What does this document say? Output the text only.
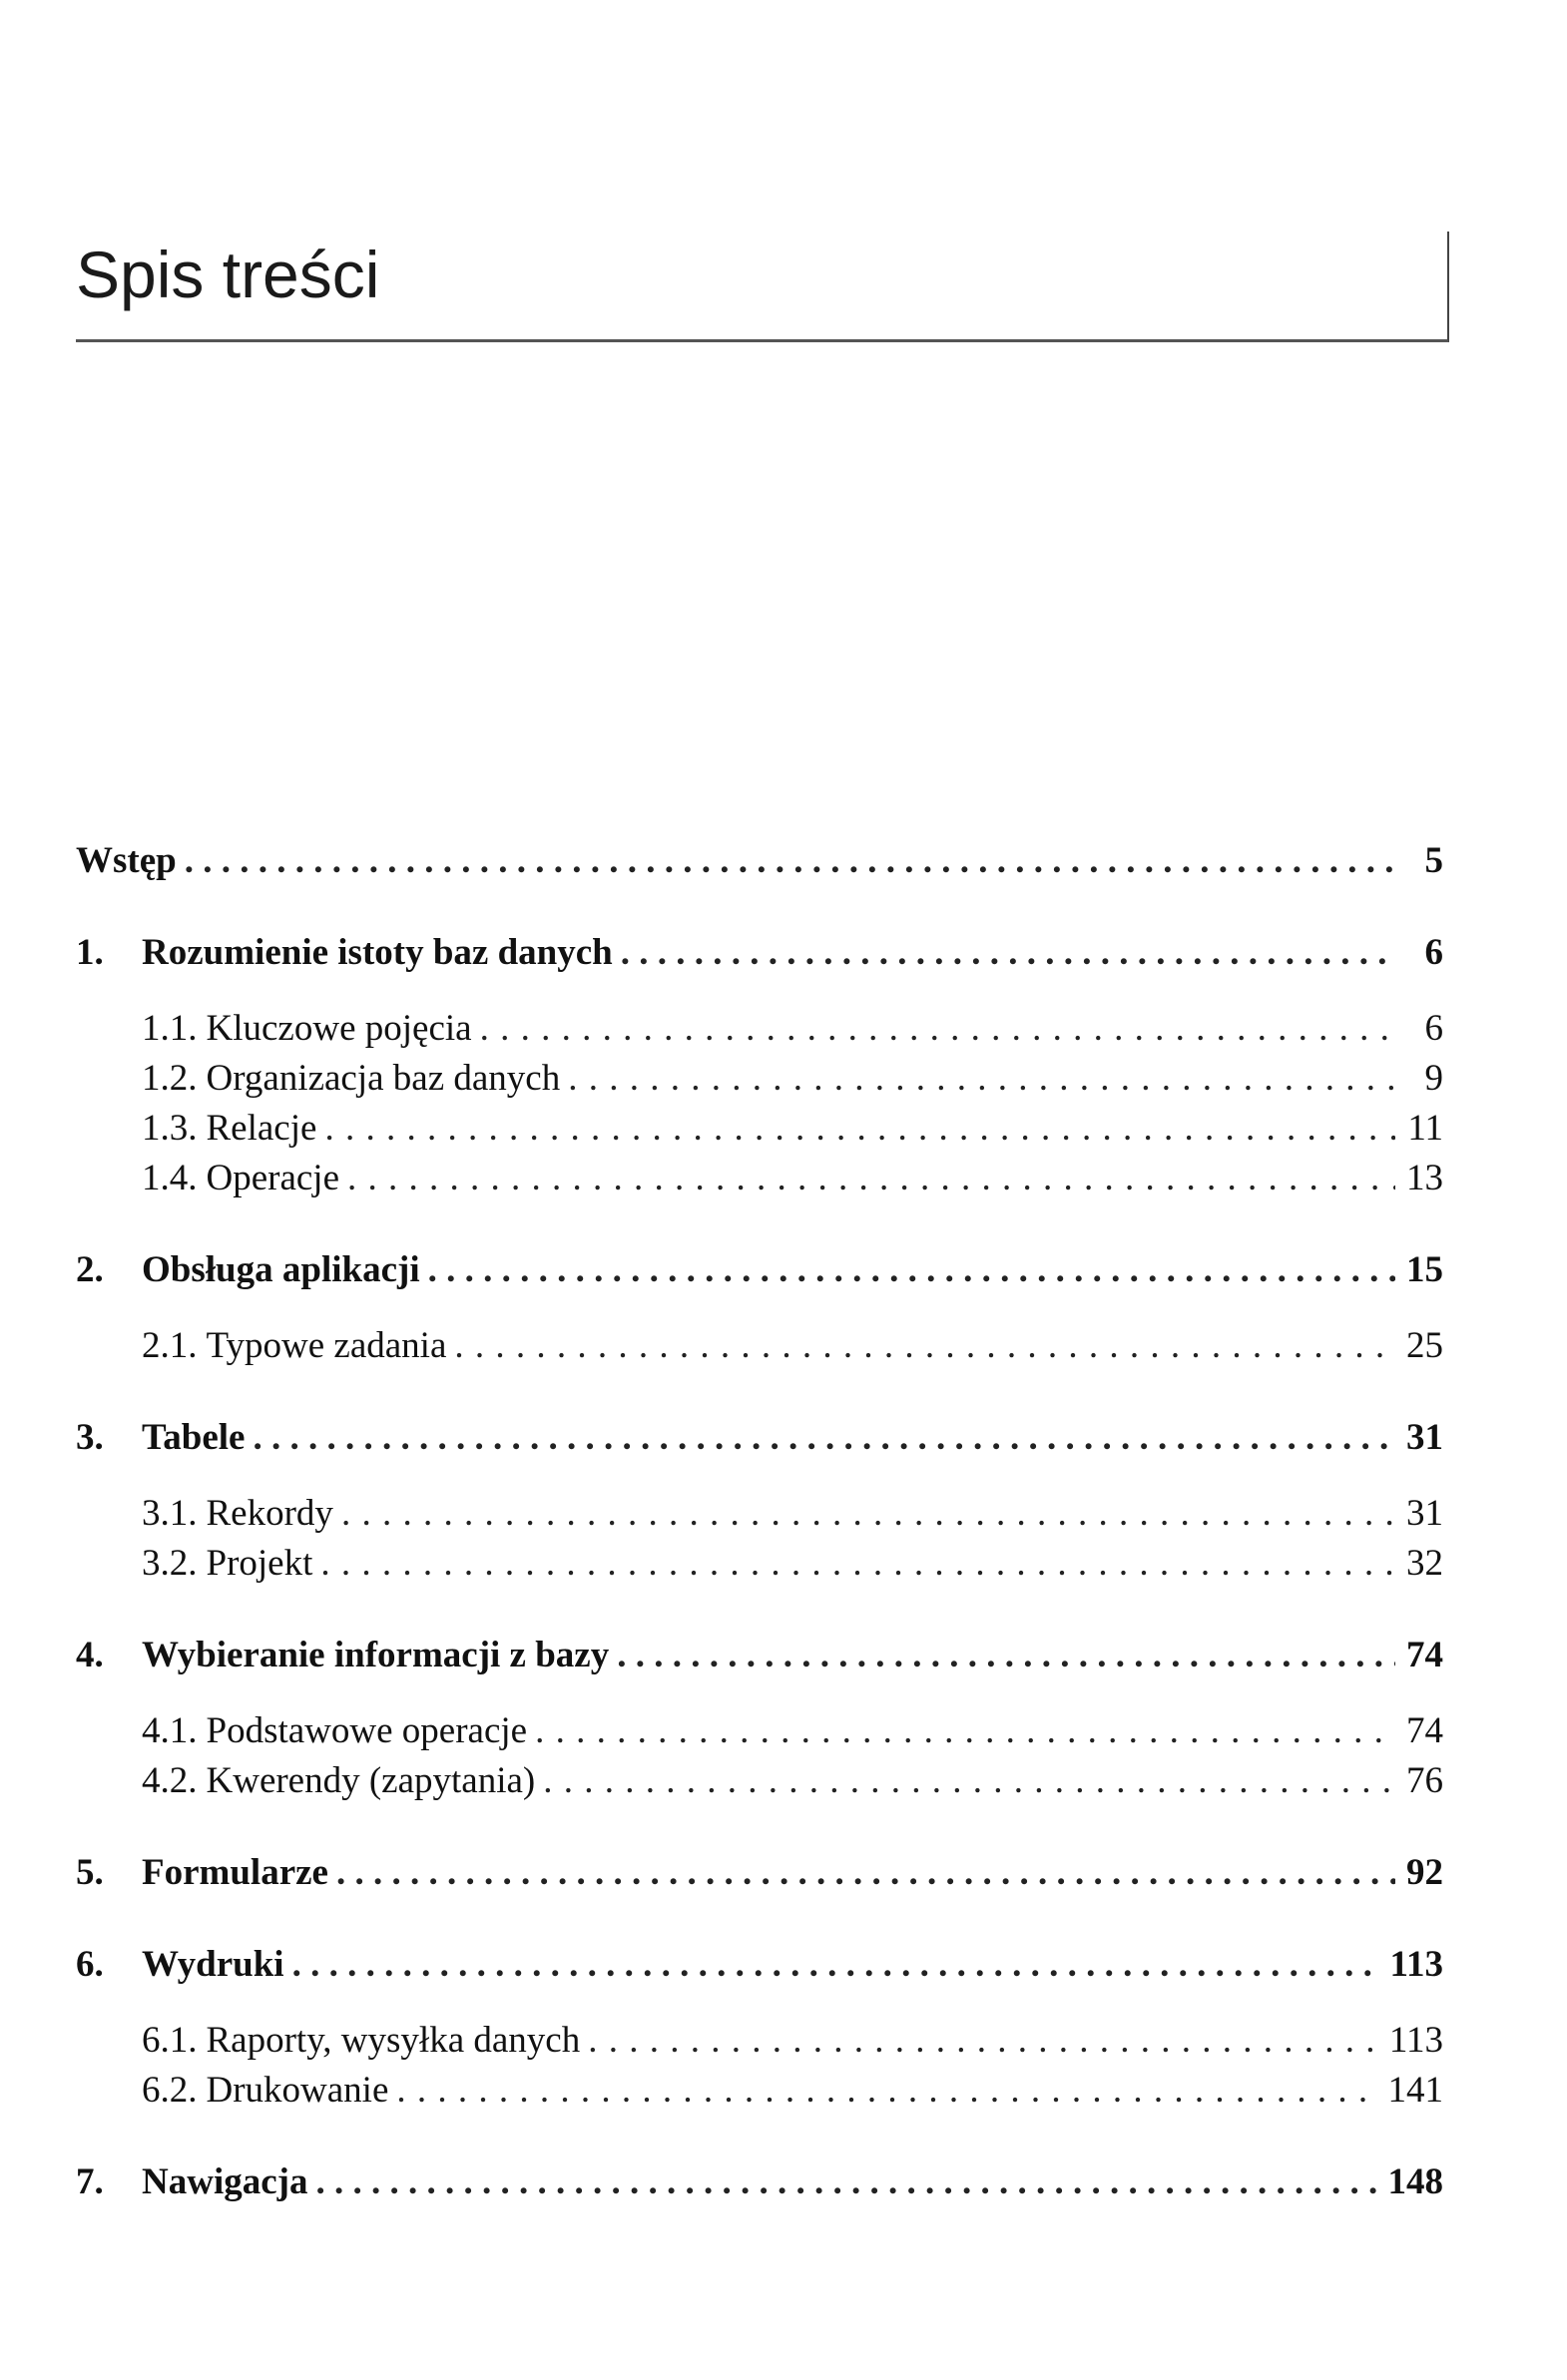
Spis treści
Wstęp . . .	5
1.	Rozumienie istoty baz danych . . .	6
1.1. Kluczowe pojęcia . . .	6
1.2. Organizacja baz danych . . .	9
1.3. Relacje . . .	11
1.4. Operacje . . .	13
2.	Obsługa aplikacji . . .	15
2.1. Typowe zadania . . .	25
3.	Tabele . . .	31
3.1. Rekordy . . .	31
3.2. Projekt . . .	32
4.	Wybieranie informacji z bazy . . .	74
4.1. Podstawowe operacje . . .	74
4.2. Kwerendy (zapytania) . . .	76
5.	Formularze . . .	92
6.	Wydruki . . .	113
6.1. Raporty, wysyłka danych . . .	113
6.2. Drukowanie . . .	141
7.	Nawigacja . . .	148
